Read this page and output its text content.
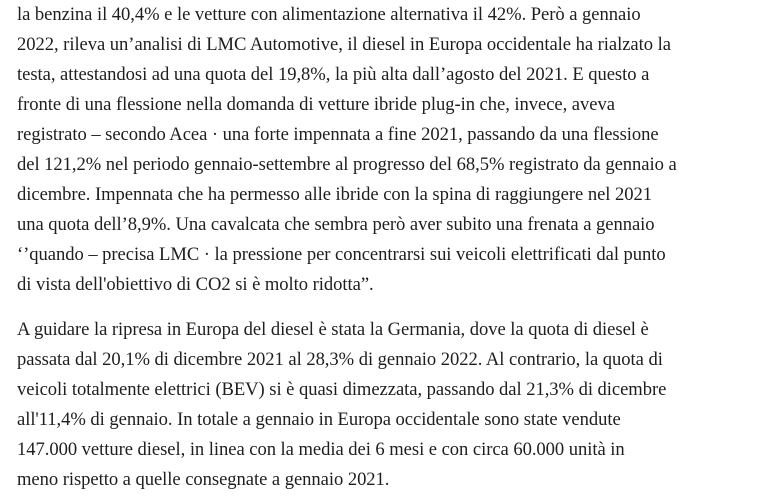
la benzina il 40,4% e le vetture con alimentazione alternativa il 42%. Però a gennaio
2022, rileva un’analisi di LMC Automotive, il diesel in Europa occidentale ha rialzato la
testa, attestandosi ad una quota del 19,8%, la più alta dall’agosto del 2021. E questo a
fronte di una flessione nella domanda di vetture ibride plug-in che, invece, aveva
registrato – secondo Acea · una forte impennata a fine 2021, passando da una flessione
del 121,2% nel periodo gennaio-settembre al progresso del 68,5% registrato da gennaio a
dicembre. Impennata che ha permesso alle ibride con la spina di raggiungere nel 2021
una quota dell’8,9%. Una cavalcata che sembra però aver subito una frenata a gennaio
‘’quando – precisa LMC · la pressione per concentrarsi sui veicoli elettrificati dal punto
di vista dell'obiettivo di CO2 si è molto ridotta”.

A guidare la ripresa in Europa del diesel è stata la Germania, dove la quota di diesel è
passata dal 20,1% di dicembre 2021 al 28,3% di gennaio 2022. Al contrario, la quota di
veicoli totalmente elettrici (BEV) si è quasi dimezzata, passando dal 21,3% di dicembre
all'11,4% di gennaio. In totale a gennaio in Europa occidentale sono state vendute
147.000 vetture diesel, in linea con la media dei 6 mesi e con circa 60.000 unità in
meno rispetto a quelle consegnate a gennaio 2021.
